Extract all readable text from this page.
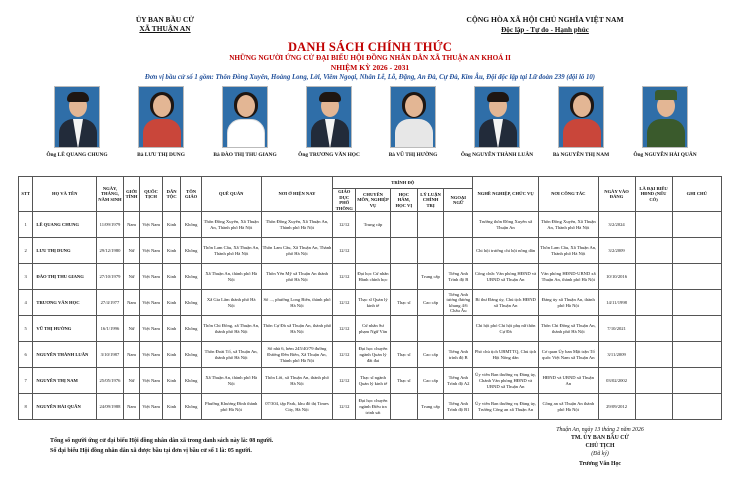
ỦY BAN BẦU CỬ
XÃ THUẬN AN
CỘNG HÒA XÃ HỘI CHỦ NGHĨA VIỆT NAM
Độc lập - Tự do - Hạnh phúc
DANH SÁCH CHÍNH THỨC
NHỮNG NGƯỜI ỨNG CỬ ĐẠI BIỂU HỘI ĐỒNG NHÂN DÂN XÃ THUẬN AN KHOÁ II
NHIỆM KỲ 2026 - 2031
Đơn vị bầu cử số 1 gồm: Thôn Đồng Xuyên, Hoàng Long, Lời, Viêm Ngoại, Nhân Lễ, Lỗ, Đặng, An Đà, Cự Đà, Kim Âu, Đội độc lập tại Lữ đoàn 239 (đội lô 10)
Ông LÊ QUANG CHUNG	Bà LƯU THỊ DUNG	Bà ĐÀO THỊ THU GIANG	Ông TRƯƠNG VĂN HỌC	Bà VŨ THỊ HƯỜNG	Ông NGUYỄN THÀNH LUÂN	Bà NGUYỄN THỊ NAM	Ông NGUYỄN HẢI QUÂN
STT	HỌ VÀ TÊN	NGÀY, THÁNG, NĂM SINH	GIỚI TÍNH	QUỐC TỊCH	DÂN TỘC	TÔN GIÁO	QUÊ QUÁN	NƠI Ở HIỆN NAY	TRÌNH ĐỘ					NGHỀ NGHIỆP, CHỨC VỤ	NƠI CÔNG TÁC	NGÀY VÀO ĐẢNG	LÀ ĐẠI BIỂU HĐND (NẾU CÓ)	GHI CHÚ
									GIÁO DỤC PHỔ THÔNG	CHUYÊN MÔN, NGHIỆP VỤ	HỌC HÀM, HỌC VỊ	LÝ LUẬN CHÍNH TRỊ	NGOẠI NGỮ					
1	LÊ QUANG CHUNG	11/09/1979	Nam	Việt Nam	Kinh	Không	Thôn Đồng Xuyên, Xã Thuận An, Thành phố Hà Nội	Thôn Đồng Xuyên, Xã Thuận An, Thành phố Hà Nội	12/12	Trung cấp				Trưởng thôn Đồng Xuyên xã Thuận An	Thôn Đồng Xuyên, Xã Thuận An, Thành phố Hà Nội	3/2/2024		
2	LƯU THỊ DUNG	29/12/1980	Nữ	Việt Nam	Kinh	Không	Thôn Lam Cầu, Xã Thuận An, Thành phố Hà Nội	Thôn Lam Cầu, Xã Thuận An, Thành phố Hà Nội	12/12					Chi hội trưởng chi hội nông dân	Thôn Lam Cầu, Xã Thuận An, Thành phố Hà Nội	3/2/2009		
3	ĐÀO THỊ THU GIANG	27/10/1979	Nữ	Việt Nam	Kinh	Không	Xã Thuận An, thành phố Hà Nội	Thôn Yên Mỹ xã Thuận An thành phố Hà Nội	12/12	Đại học Cử nhân Hành chính học		Trung cấp	Tiếng Anh Trình độ B	Công chức Văn phòng HĐND và UBND xã Thuận An	Văn phòng HĐND-UBND xã Thuận An, thành phố Hà Nội	10/10/2016		
4	TRƯƠNG VĂN HỌC	27/4/1977	Nam	Việt Nam	Kinh	Không	Xã Gia Lâm thành phố Hà Nội	Số ..., phường Long Biên, thành phố Hà Nội	12/12	Thạc sĩ Quản lý kinh tế	Thạc sĩ	Cao cấp	Tiếng Anh tương đương khung 4/6 Châu Âu	Bí thư Đảng ủy, Chủ tịch HĐND xã Thuận An	Đảng ủy xã Thuận An, thành phố Hà Nội	14/11/1998		
5	VŨ THỊ HƯỜNG	16/1/1996	Nữ	Việt Nam	Kinh	Không	Thôn Chi Đông, xã Thuận An, thành phố Hà Nội	Thôn Cự Đà xã Thuận An, thành phố Hà Nội	12/12	Cử nhân Sư phạm Ngữ Văn				Chi hội phó Chi hội phụ nữ thôn Cự Đà	Thôn Chi Đông xã Thuận An, thành phố Hà Nội	7/10/2021		
6	NGUYỄN THÀNH LUÂN	3/10/1987	Nam	Việt Nam	Kinh	Không	Thôn Đoài Tổ, xã Thuận An, thành phố Hà Nội	Số nhà 6, hẻm 245/40/79 đường Đường Đên Biên, Xã Thuận An, Thành phố Hà Nội	12/12	Đại học chuyên ngành Quản lý đất đai	Thạc sĩ	Cao cấp	Tiếng Anh trình độ B	Phó chủ tịch UBMTTQ, Chủ tịch Hội Nông dân	Cơ quan Ủy ban Mặt trận Tổ quốc Việt Nam xã Thuận An	3/11/2009		
7	NGUYỄN THỊ NAM	25/05/1976	Nữ	Việt Nam	Kinh	Không	Xã Thuận An, thành phố Hà Nội	Thôn Lời, xã Thuận An, thành phố Hà Nội	12/12	Thạc sĩ ngành Quản lý kinh tế	Thạc sĩ	Cao cấp	Tiếng Anh Trình độ A2	Ủy viên Ban thường vụ Đảng ủy, Chánh Văn phòng HĐND và UBND xã Thuận An	HĐND và UBND xã Thuận An	03/02/2002		
8	NGUYỄN HẢI QUÂN	24/09/1988	Nam	Việt Nam	Kinh	Không	Phường Khương Đình thành phố Hà Nội	07/304, tập Park, khu đô thị Times City, Hà Nội	12/12	Đại học chuyên ngành Điều tra trinh sát		Trung cấp	Tiếng Anh Trình độ B1	Ủy viên Ban thường vụ Đảng ủy, Trưởng Công an xã Thuận An	Công an xã Thuận An thành phố Hà Nội	29/09/2012		
Tổng số người ứng cử đại biểu Hội đồng nhân dân xã trong danh sách này là: 08 người.
Số đại biểu Hội đồng nhân dân xã được bầu tại đơn vị bầu cử số 1 là: 05 người.
Thuận An, ngày 13 tháng 2 năm 2026
TM. ỦY BAN BẦU CỬ
CHỦ TỊCH
(Đã ký)
Trương Văn Học
